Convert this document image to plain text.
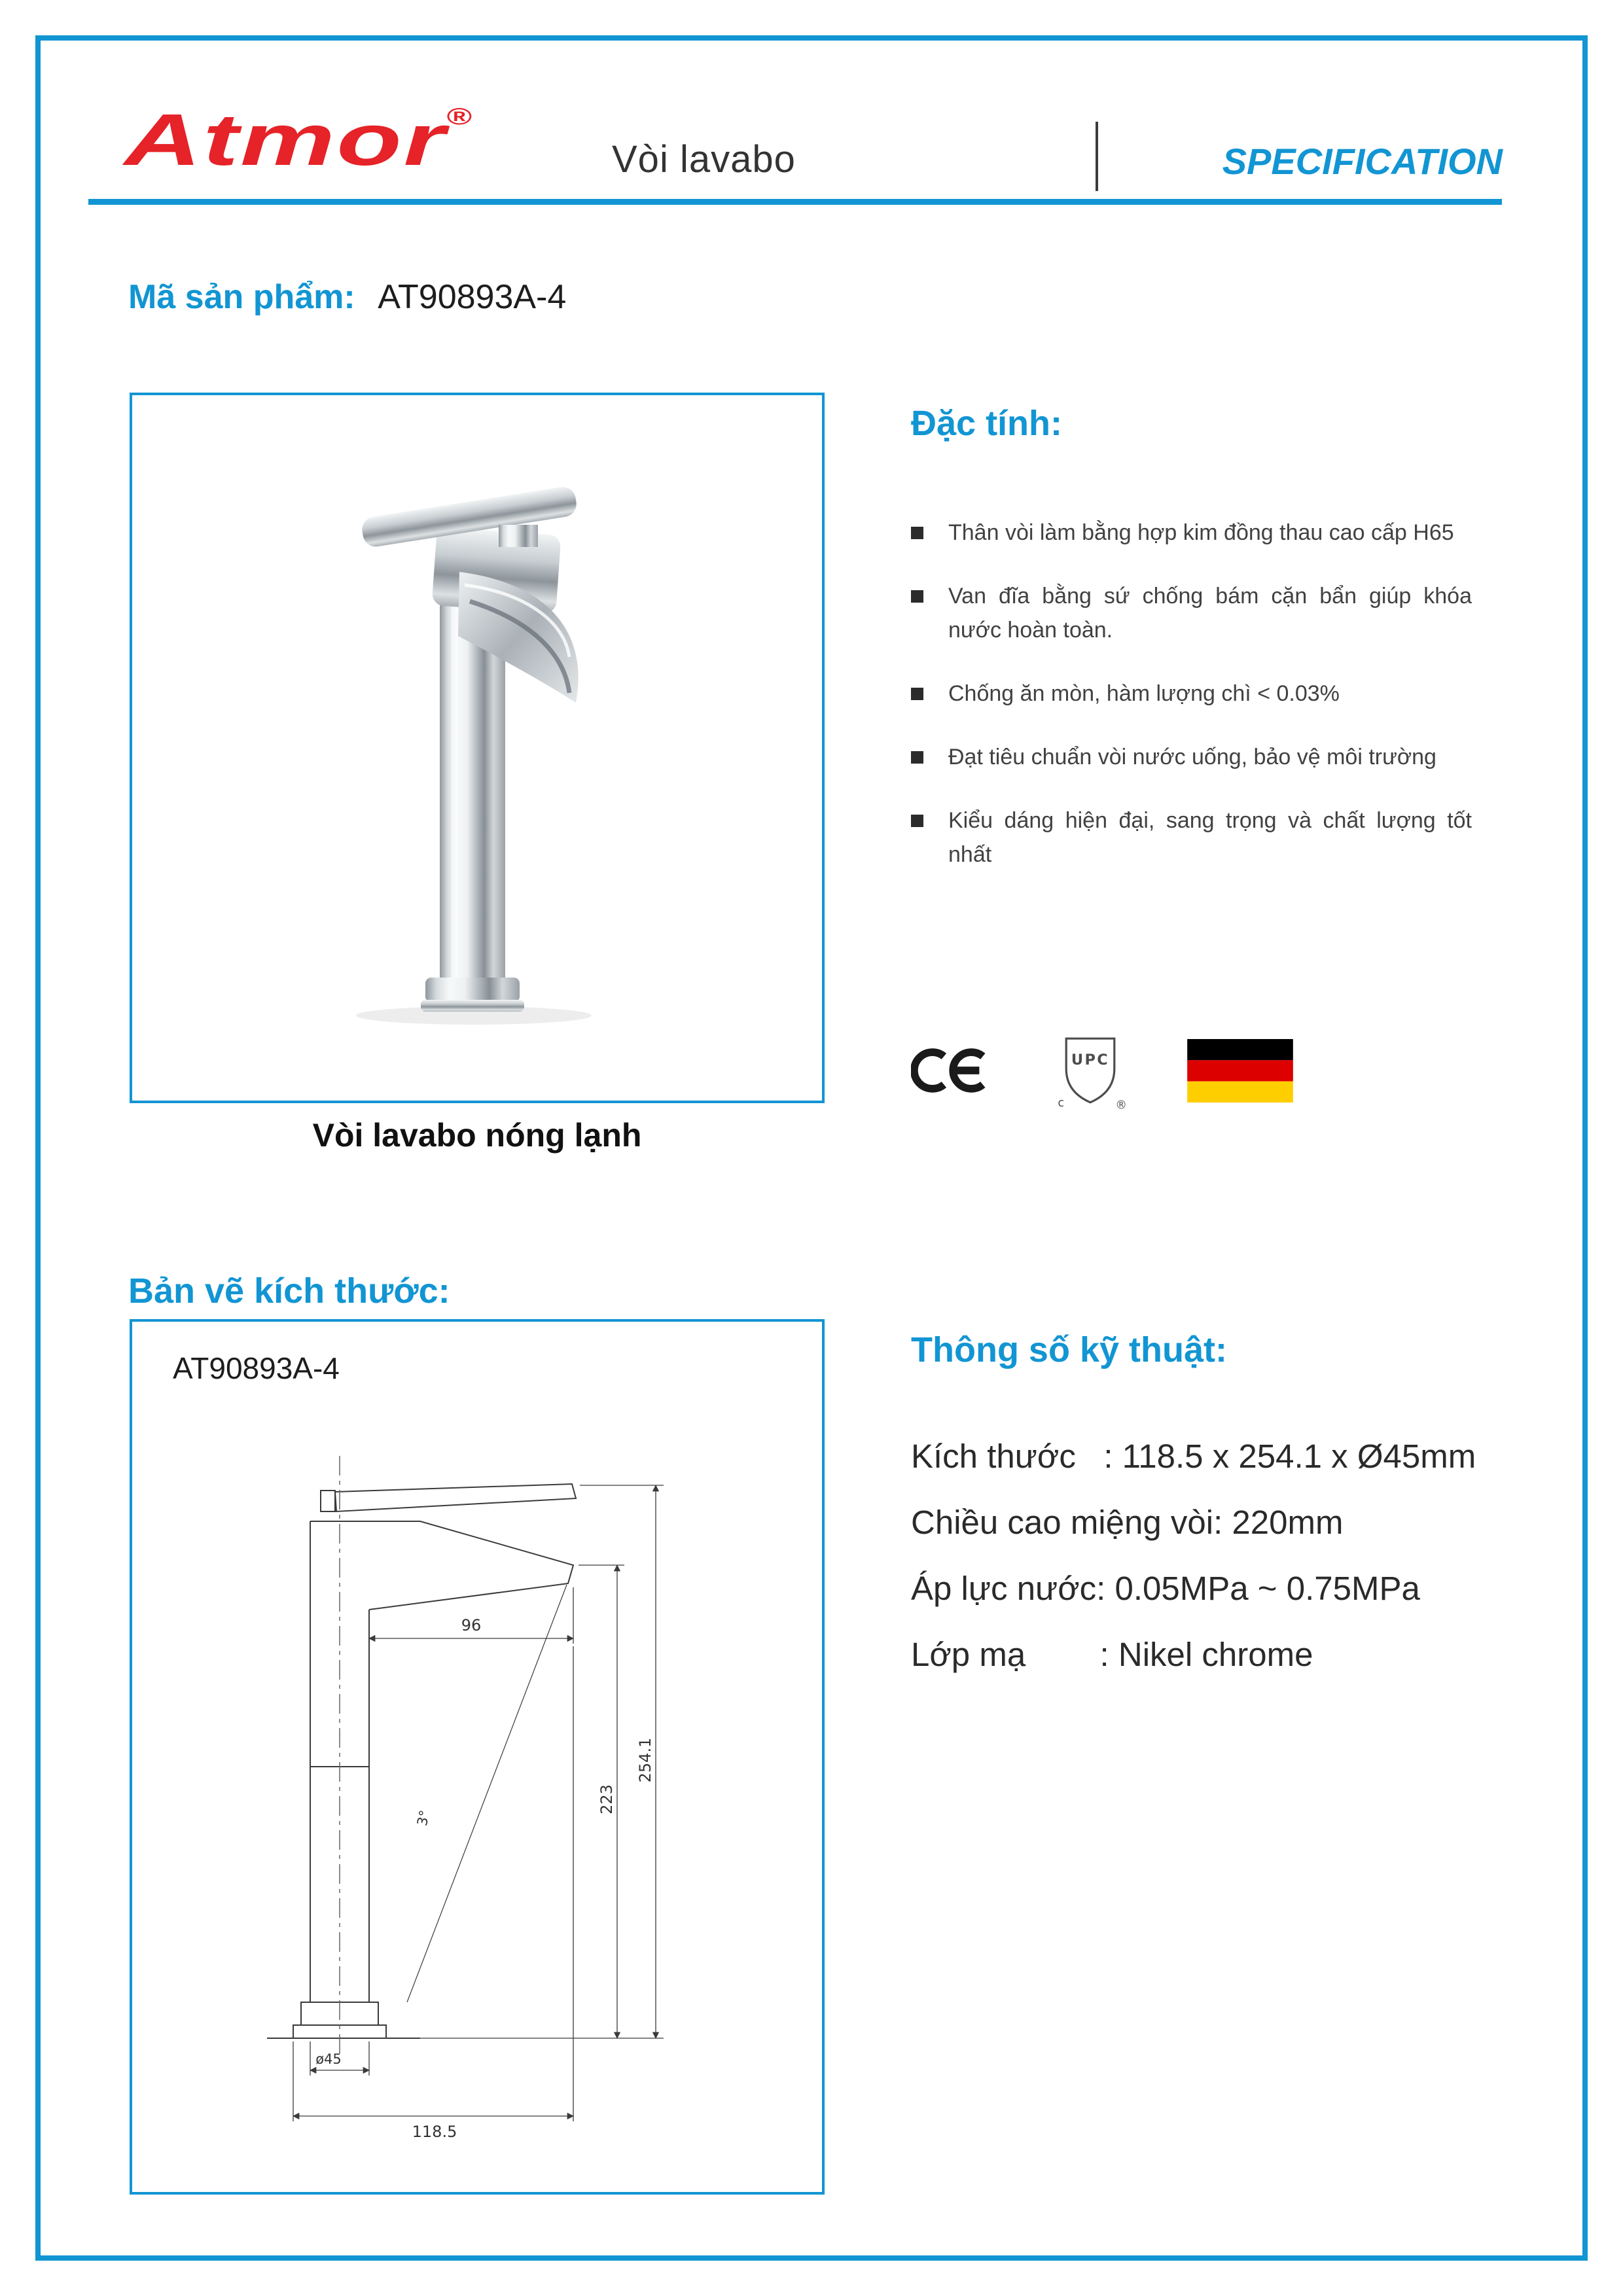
Atmor®
Vòi lavabo	SPECIFICATION
Mã sản phẩm: AT90893A-4
Vòi lavabo nóng lạnh
Đặc tính:
Thân vòi làm bằng hợp kim đồng thau cao cấp H65
Van đĩa bằng sứ chống bám cặn bẩn giúp khóa nước hoàn toàn.
Chống ăn mòn, hàm lượng chì < 0.03%
Đạt tiêu chuẩn vòi nước uống, bảo vệ môi trường
Kiểu dáng hiện đại, sang trọng và chất lượng tốt nhất
UPC
c	®
Bản vẽ kích thước:
AT90893A-4
96
223
254.1
3°
ø45
118.5
Thông số kỹ thuật:
Kích thước   : 118.5 x 254.1 x Ø45mm
Chiều cao miệng vòi: 220mm
Áp lực nước: 0.05MPa ~ 0.75MPa
Lớp mạ        : Nikel chrome
